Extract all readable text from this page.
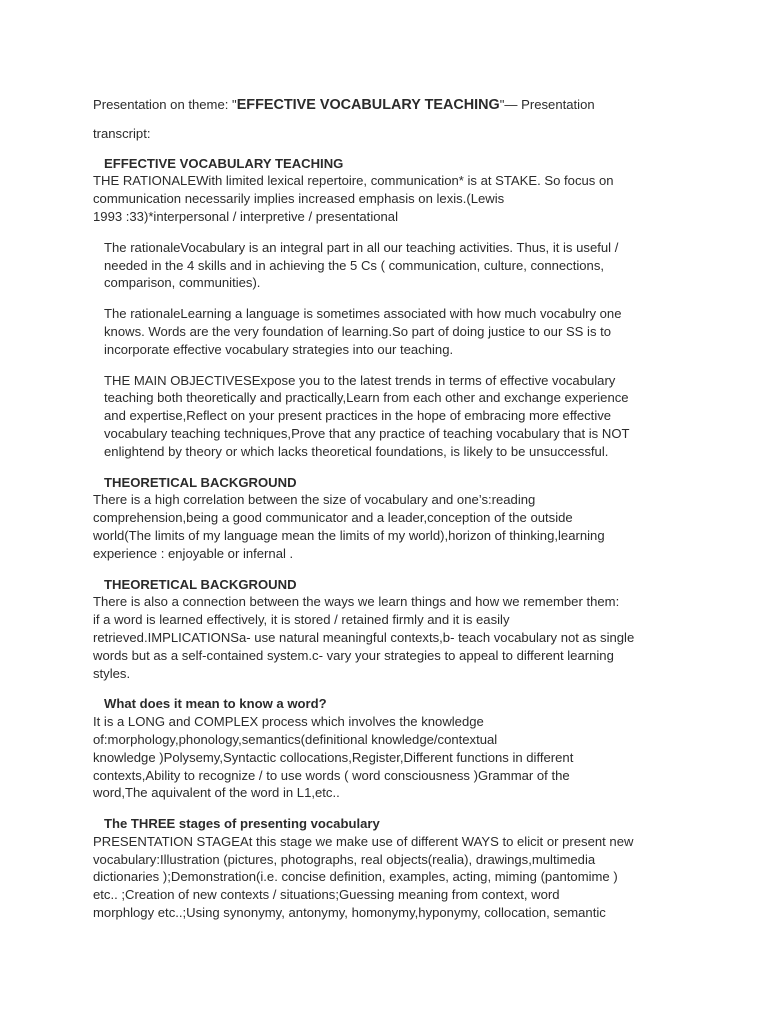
Presentation on theme: "EFFECTIVE VOCABULARY TEACHING"— Presentation

transcript:

EFFECTIVE VOCABULARY TEACHING
THE RATIONALEWith limited lexical repertoire, communication* is at STAKE. So focus on
communication necessarily implies increased emphasis on lexis.(Lewis
1993 :33)*interpersonal / interpretive / presentational
The rationaleVocabulary is an integral part in all our teaching activities. Thus, it is useful /
needed in the 4 skills and in achieving the 5 Cs ( communication, culture, connections,
comparison, communities).
The rationaleLearning a language is sometimes associated with how much vocabulry one
knows. Words are the very foundation of learning.So part of doing justice to our SS is to
incorporate effective vocabulary strategies into our teaching.
THE MAIN OBJECTIVESExpose you to the latest trends in terms of effective vocabulary
teaching both theoretically and practically,Learn from each other and exchange experience
and expertise,Reflect on your present practices in the hope of embracing more effective
vocabulary teaching techniques,Prove that any practice of teaching vocabulary that is NOT
enlightend by theory or which lacks theoretical foundations, is likely to be unsuccessful.
THEORETICAL BACKGROUND
There is a high correlation between the size of vocabulary and one’s:reading
comprehension,being a good communicator and a leader,conception of the outside
world(The limits of my language mean the limits of my world),horizon of thinking,learning
experience : enjoyable or infernal .
THEORETICAL BACKGROUND
There is also a connection between the ways we learn things and how we remember them:
if a word is learned effectively, it is stored / retained firmly and it is easily
retrieved.IMPLICATIONSa- use natural meaningful contexts,b- teach vocabulary not as single
words but as a self-contained system.c- vary your strategies to appeal to different learning
styles.
What does it mean to know a word?
It is a LONG and COMPLEX process which involves the knowledge
of:morphology,phonology,semantics(definitional knowledge/contextual
knowledge )Polysemy,Syntactic collocations,Register,Different functions in different
contexts,Ability to recognize / to use words ( word consciousness )Grammar of the
word,The aquivalent of the word in L1,etc..
The THREE stages of presenting vocabulary
PRESENTATION STAGEAt this stage we make use of different WAYS to elicit or present new
vocabulary:Illustration (pictures, photographs, real objects(realia), drawings,multimedia
dictionaries );Demonstration(i.e. concise definition, examples, acting, miming (pantomime )
etc.. ;Creation of new contexts / situations;Guessing meaning from context, word
morphlogy etc..;Using synonymy, antonymy, homonymy,hyponymy, collocation, semantic
